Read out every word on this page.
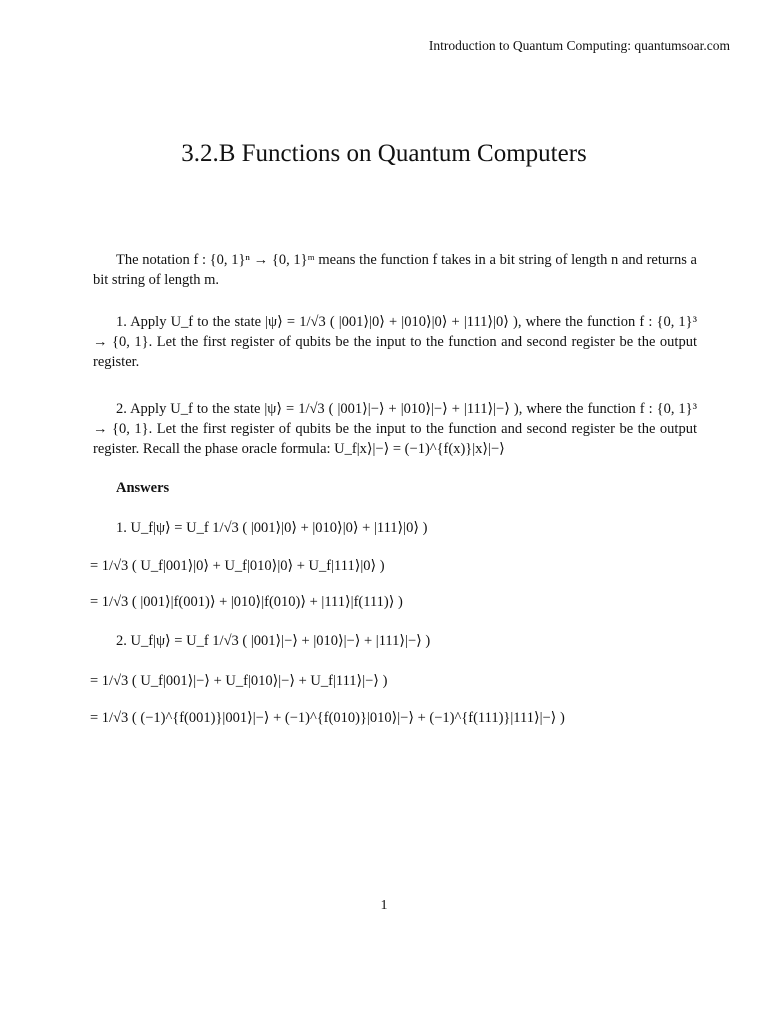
Introduction to Quantum Computing: quantumsoar.com
3.2.B Functions on Quantum Computers

The notation f : {0, 1}ⁿ → {0, 1}ᵐ means the function f takes in a bit string of length n and returns a bit string of length m.

1. Apply U_f to the state |ψ⟩ = 1/√3 ( |001⟩|0⟩ + |010⟩|0⟩ + |111⟩|0⟩ ), where the function f : {0, 1}³ → {0, 1}. Let the first register of qubits be the input to the function and second register be the output register.

2. Apply U_f to the state |ψ⟩ = 1/√3 ( |001⟩|−⟩ + |010⟩|−⟩ + |111⟩|−⟩ ), where the function f : {0, 1}³ → {0, 1}. Let the first register of qubits be the input to the function and second register be the output register. Recall the phase oracle formula: U_f|x⟩|−⟩ = (−1)^{f(x)}|x⟩|−⟩

Answers
1. U_f|ψ⟩ = U_f 1/√3 ( |001⟩|0⟩ + |010⟩|0⟩ + |111⟩|0⟩ )
= 1/√3 ( U_f|001⟩|0⟩ + U_f|010⟩|0⟩ + U_f|111⟩|0⟩ )
= 1/√3 ( |001⟩|f(001)⟩ + |010⟩|f(010)⟩ + |111⟩|f(111)⟩ )
2. U_f|ψ⟩ = U_f 1/√3 ( |001⟩|−⟩ + |010⟩|−⟩ + |111⟩|−⟩ )
= 1/√3 ( U_f|001⟩|−⟩ + U_f|010⟩|−⟩ + U_f|111⟩|−⟩ )
= 1/√3 ( (−1)^{f(001)}|001⟩|−⟩ + (−1)^{f(010)}|010⟩|−⟩ + (−1)^{f(111)}|111⟩|−⟩ )
1
